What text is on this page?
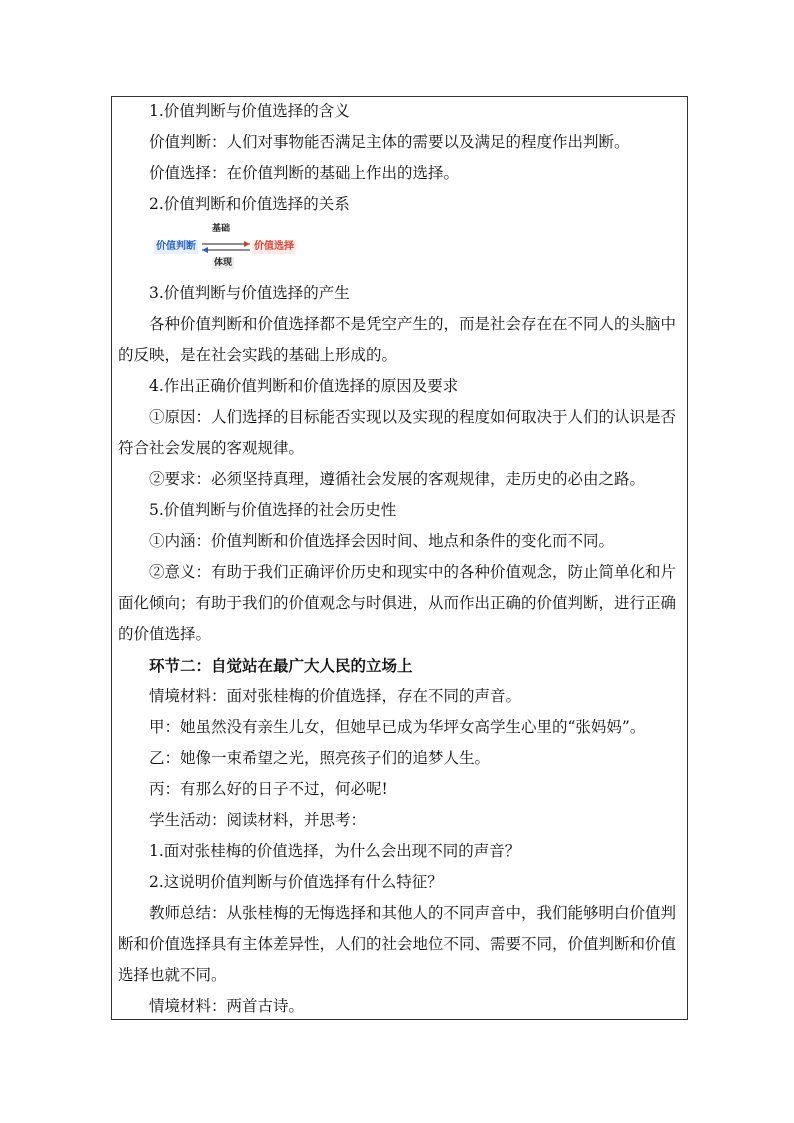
1.价值判断与价值选择的含义

价值判断：人们对事物能否满足主体的需要以及满足的程度作出判断。

价值选择：在价值判断的基础上作出的选择。

2.价值判断和价值选择的关系

价值判断
基础
价值选择
体现

3.价值判断与价值选择的产生

各种价值判断和价值选择都不是凭空产生的，而是社会存在在不同人的头脑中的反映，是在社会实践的基础上形成的。

4.作出正确价值判断和价值选择的原因及要求

①原因：人们选择的目标能否实现以及实现的程度如何取决于人们的认识是否符合社会发展的客观规律。

②要求：必须坚持真理，遵循社会发展的客观规律，走历史的必由之路。

5.价值判断与价值选择的社会历史性

①内涵：价值判断和价值选择会因时间、地点和条件的变化而不同。

②意义：有助于我们正确评价历史和现实中的各种价值观念，防止简单化和片面化倾向；有助于我们的价值观念与时俱进，从而作出正确的价值判断，进行正确的价值选择。

环节二：自觉站在最广大人民的立场上

情境材料：面对张桂梅的价值选择，存在不同的声音。

甲：她虽然没有亲生儿女，但她早已成为华坪女高学生心里的“张妈妈”。

乙：她像一束希望之光，照亮孩子们的追梦人生。

丙：有那么好的日子不过，何必呢!

学生活动：阅读材料，并思考：

1.面对张桂梅的价值选择，为什么会出现不同的声音？

2.这说明价值判断与价值选择有什么特征？

教师总结：从张桂梅的无悔选择和其他人的不同声音中，我们能够明白价值判断和价值选择具有主体差异性，人们的社会地位不同、需要不同，价值判断和价值选择也就不同。

情境材料：两首古诗。
